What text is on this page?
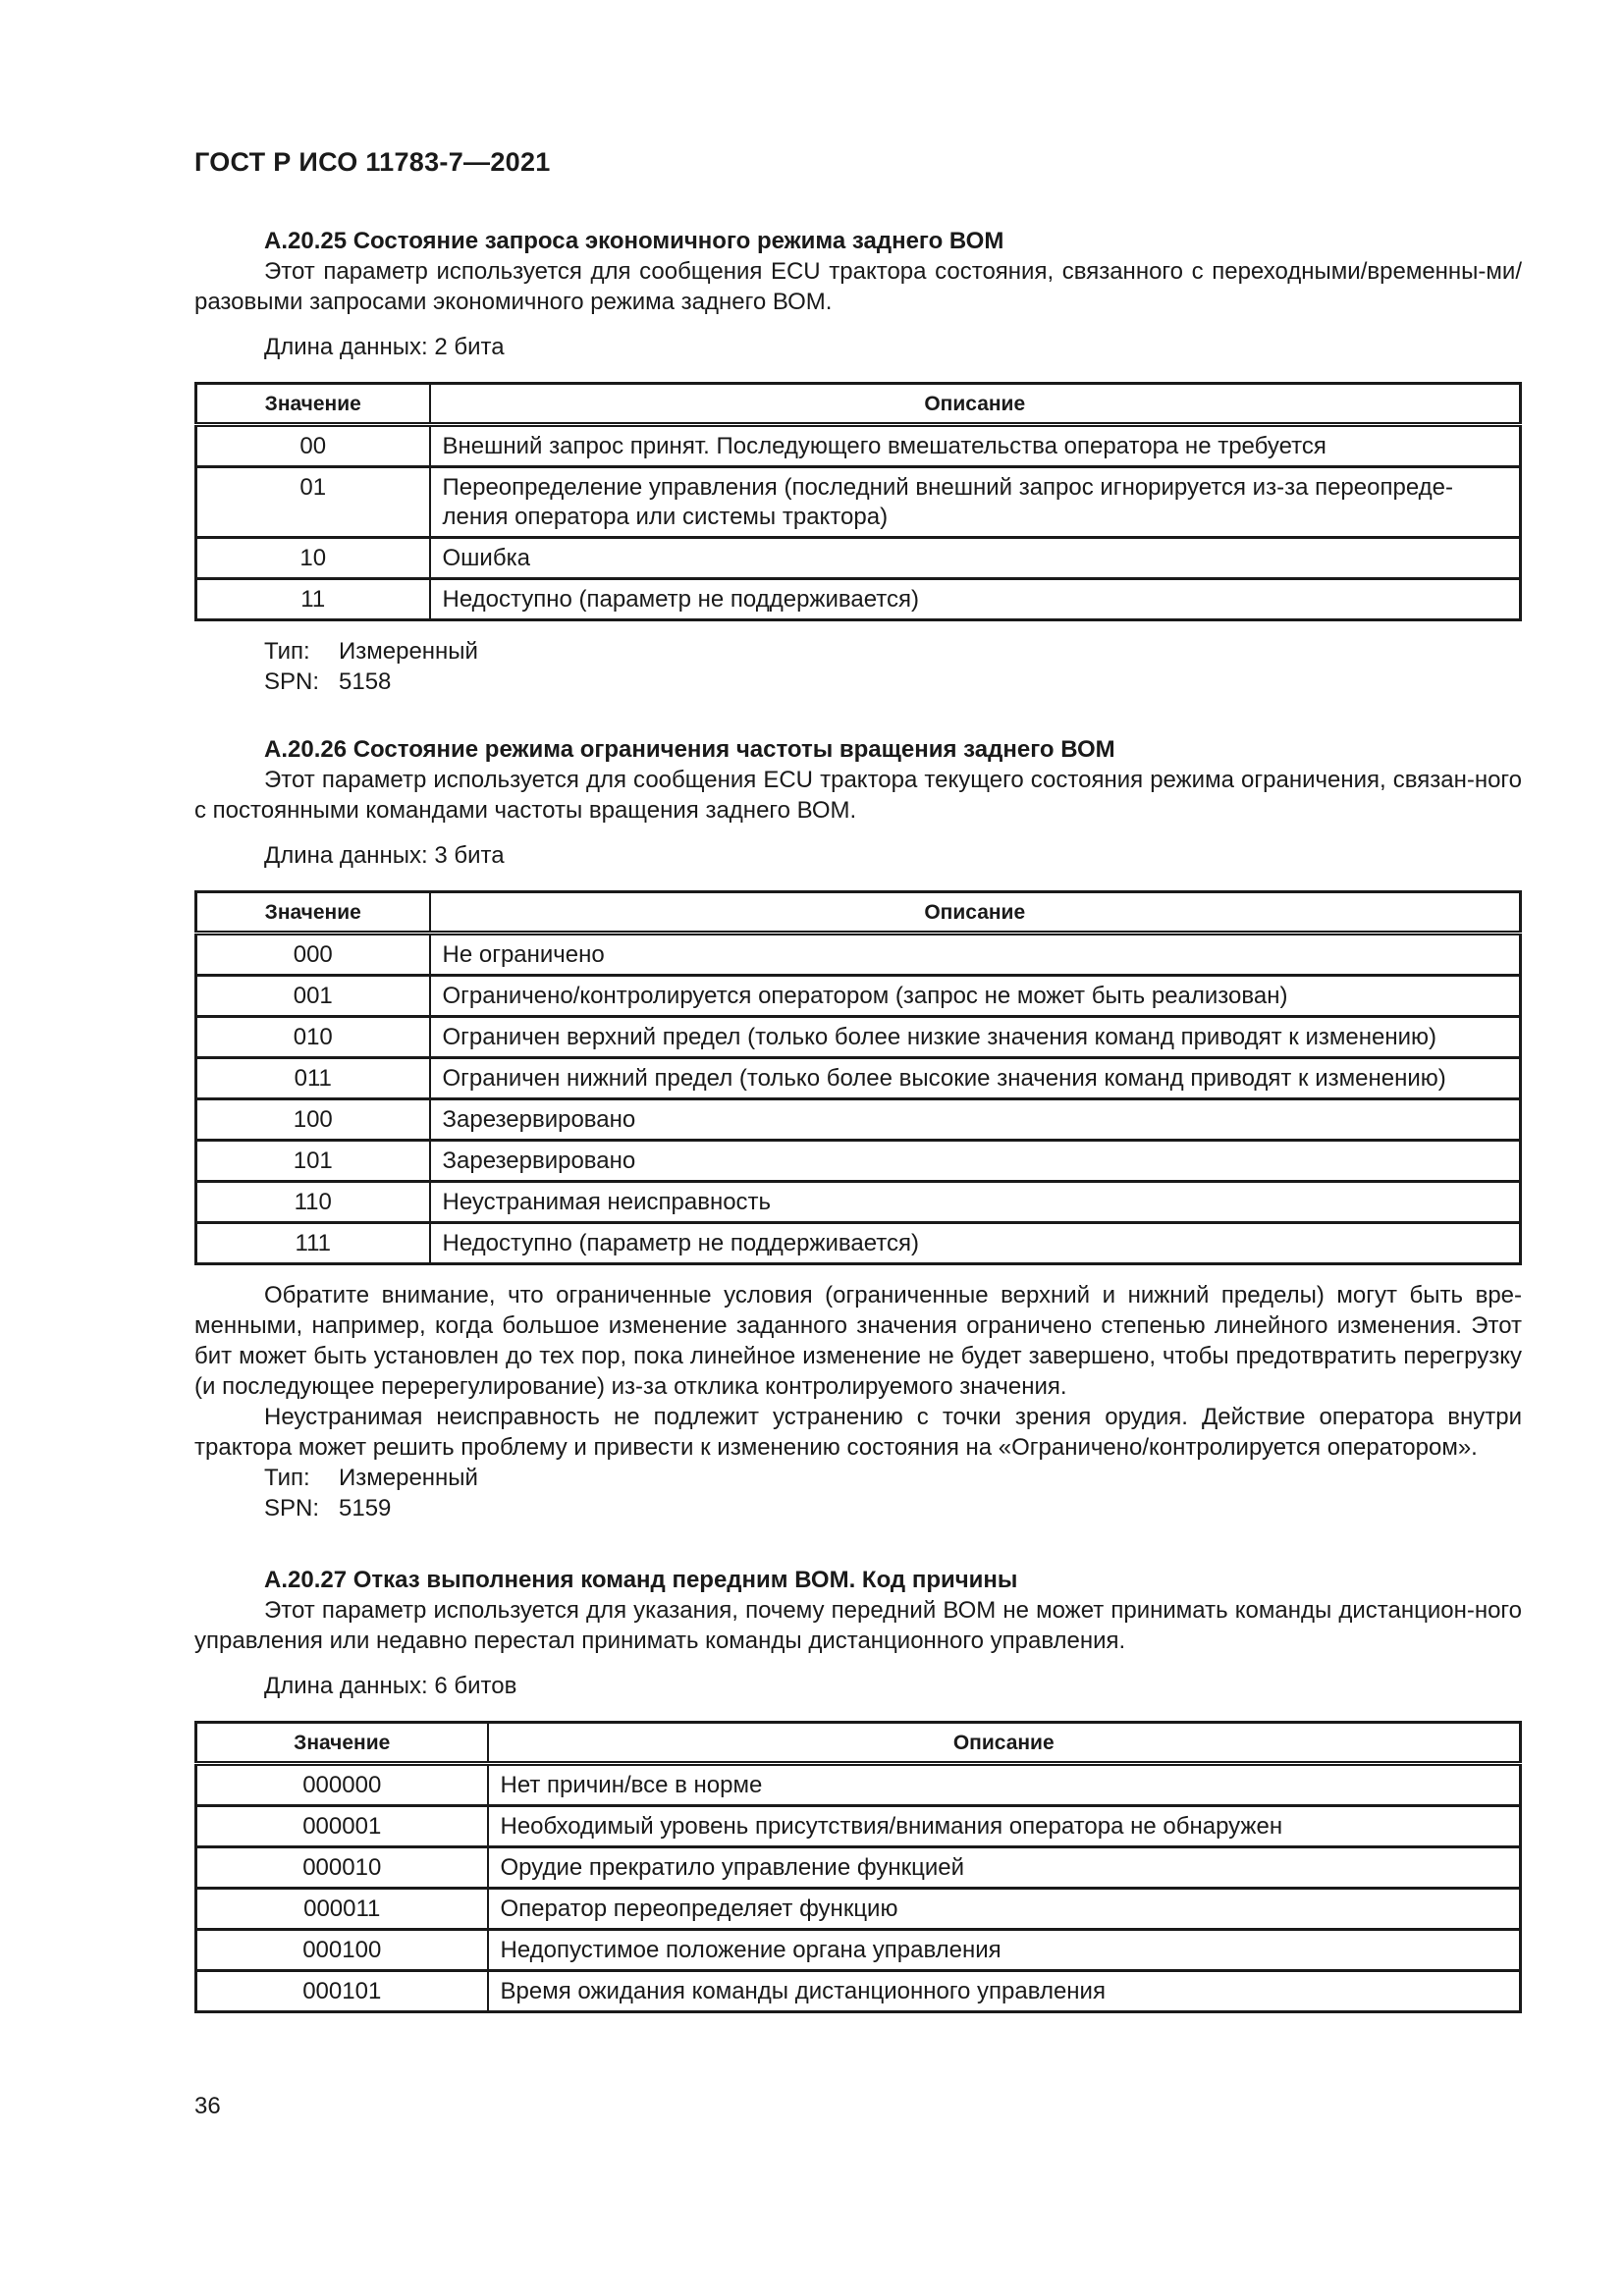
ГОСТ Р ИСО 11783-7—2021
A.20.25 Состояние запроса экономичного режима заднего ВОМ

Этот параметр используется для сообщения ECU трактора состояния, связанного с переходными/временны-ми/разовыми запросами экономичного режима заднего ВОМ.

Длина данных: 2 бита
Значение	Описание
00	Внешний запрос принят. Последующего вмешательства оператора не требуется
01	Переопределение управления (последний внешний запрос игнорируется из-за переопреде-ления оператора или системы трактора)
10	Ошибка
11	Недоступно (параметр не поддерживается)
Тип:	Измеренный
SPN: 5158
A.20.26 Состояние режима ограничения частоты вращения заднего ВОМ

Этот параметр используется для сообщения ECU трактора текущего состояния режима ограничения, связан-ного с постоянными командами частоты вращения заднего ВОМ.

Длина данных: 3 бита
Значение	Описание
000	Не ограничено
001	Ограничено/контролируется оператором (запрос не может быть реализован)
010	Ограничен верхний предел (только более низкие значения команд приводят к изменению)
011	Ограничен нижний предел (только более высокие значения команд приводят к изменению)
100	Зарезервировано
101	Зарезервировано
110	Неустранимая неисправность
111	Недоступно (параметр не поддерживается)

Обратите внимание, что ограниченные условия (ограниченные верхний и нижний пределы) могут быть вре-менными, например, когда большое изменение заданного значения ограничено степенью линейного изменения. Этот бит может быть установлен до тех пор, пока линейное изменение не будет завершено, чтобы предотвратить перегрузку (и последующее перерегулирование) из-за отклика контролируемого значения.

Неустранимая неисправность не подлежит устранению с точки зрения орудия. Действие оператора внутри трактора может решить проблему и привести к изменению состояния на «Ограничено/контролируется оператором».

Тип:	Измеренный
SPN: 5159
A.20.27 Отказ выполнения команд передним ВОМ. Код причины

Этот параметр используется для указания, почему передний ВОМ не может принимать команды дистанцион-ного управления или недавно перестал принимать команды дистанционного управления.

Длина данных: 6 битов
Значение	Описание
000000	Нет причин/все в норме
000001	Необходимый уровень присутствия/внимания оператора не обнаружен
000010	Орудие прекратило управление функцией
000011	Оператор переопределяет функцию
000100	Недопустимое положение органа управления
000101	Время ожидания команды дистанционного управления
36
